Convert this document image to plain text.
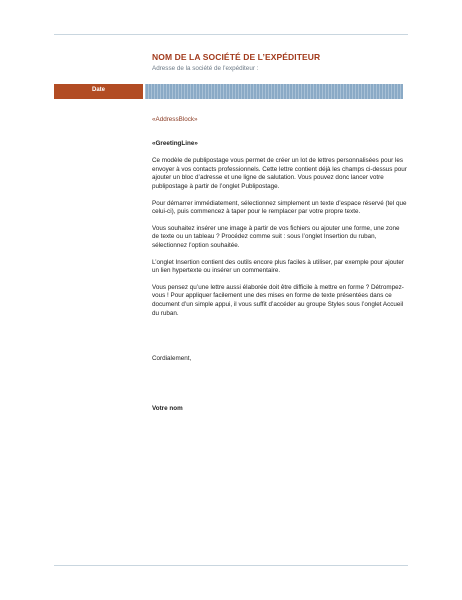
NOM DE LA SOCIÉTÉ DE L’EXPÉDITEUR
Adresse de la société de l’expéditeur :
Date

«AddressBlock»

«GreetingLine»

Ce modèle de publipostage vous permet de créer un lot de lettres personnalisées pour les envoyer à vos contacts professionnels. Cette lettre contient déjà les champs ci-dessus pour ajouter un bloc d’adresse et une ligne de salutation. Vous pouvez donc lancer votre publipostage à partir de l’onglet Publipostage.

Pour démarrer immédiatement, sélectionnez simplement un texte d’espace réservé (tel que celui-ci), puis commencez à taper pour le remplacer par votre propre texte.

Vous souhaitez insérer une image à partir de vos fichiers ou ajouter une forme, une zone de texte ou un tableau ? Procédez comme suit : sous l’onglet Insertion du ruban, sélectionnez l’option souhaitée.

L’onglet Insertion contient des outils encore plus faciles à utiliser, par exemple pour ajouter un lien hypertexte ou insérer un commentaire.

Vous pensez qu’une lettre aussi élaborée doit être difficile à mettre en forme ? Détrompez-vous ! Pour appliquer facilement une des mises en forme de texte présentées dans ce document d’un simple appui, il vous suffit d’accéder au groupe Styles sous l’onglet Accueil du ruban.

Cordialement,

Votre nom
